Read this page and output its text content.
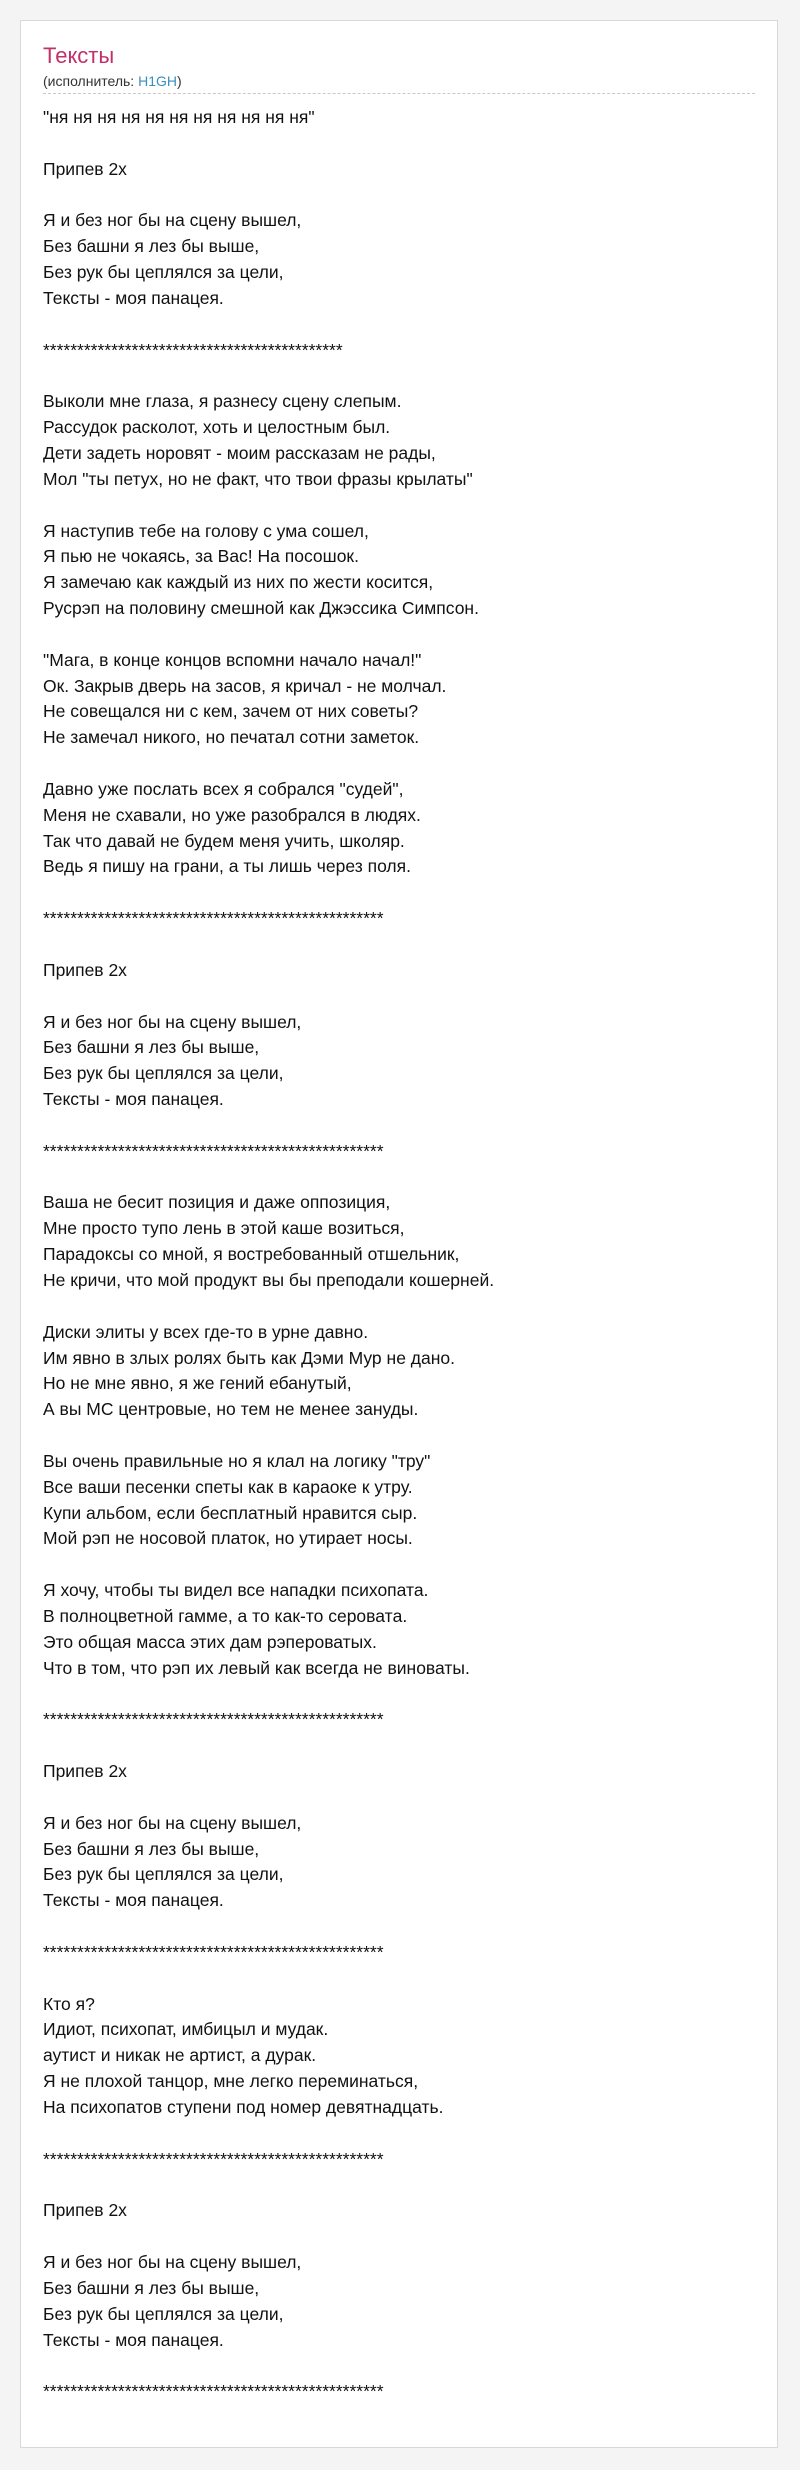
Тексты
(исполнитель: H1GH)
"ня ня ня ня ня ня ня ня ня ня ня"
Припев 2x
Я и без ног бы на сцену вышел,
Без башни я лез бы выше,
Без рук бы цеплялся за цели,
Тексты - моя панацея.
********************************************
Выколи мне глаза, я разнесу сцену слепым.
Рассудок расколот, хоть и целостным был.
Дети задеть норовят - моим рассказам не рады,
Мол "ты петух, но не факт, что твои фразы крылаты"
Я наступив тебе на голову с ума сошел,
Я пью не чокаясь, за Вас! На посошок.
Я замечаю как каждый из них по жести косится,
Русрэп на половину смешной как Джэссика Симпсон.
"Мага, в конце концов вспомни начало начал!"
Ок. Закрыв дверь на засов, я кричал - не молчал.
Не совещался ни с кем, зачем от них советы?
Не замечал никого, но печатал сотни заметок.
Давно уже послать всех я собрался "судей",
Меня не схавали, но уже разобрался в людях.
Так что давай не будем меня учить, школяр.
Ведь я пишу на грани, а ты лишь через поля.
**************************************************
Припев 2x
Я и без ног бы на сцену вышел,
Без башни я лез бы выше,
Без рук бы цеплялся за цели,
Тексты - моя панацея.
**************************************************
Ваша не бесит позиция и даже оппозиция,
Мне просто тупо лень в этой каше возиться,
Парадоксы со мной, я востребованный отшельник,
Не кричи, что мой продукт вы бы преподали кошерней.
Диски элиты у всех где-то в урне давно.
Им явно в злых ролях быть как Дэми Мур не дано.
Но не мне явно, я же гений ебанутый,
А вы МС центровые, но тем не менее зануды.
Вы очень правильные но я клал на логику "тру"
Все ваши песенки спеты как в караоке к утру.
Купи альбом, если бесплатный нравится сыр.
Мой рэп не носовой платок, но утирает носы.
Я хочу, чтобы ты видел все нападки психопата.
В полноцветной гамме, а то как-то сероватa.
Это общая масса этих дам рэпероватых.
Что в том, что рэп их левый как всегда не виноваты.
**************************************************
Припев 2x
Я и без ног бы на сцену вышел,
Без башни я лез бы выше,
Без рук бы цеплялся за цели,
Тексты - моя панацея.
**************************************************
Кто я?
Идиот, психопат, имбицыл и мудак.
аутист и никак не артист, а дурак.
Я не плохой танцор, мне легко переминаться,
На психопатов ступени под номер девятнадцать.
**************************************************
Припев 2x
Я и без ног бы на сцену вышел,
Без башни я лез бы выше,
Без рук бы цеплялся за цели,
Тексты - моя панацея.
**************************************************
